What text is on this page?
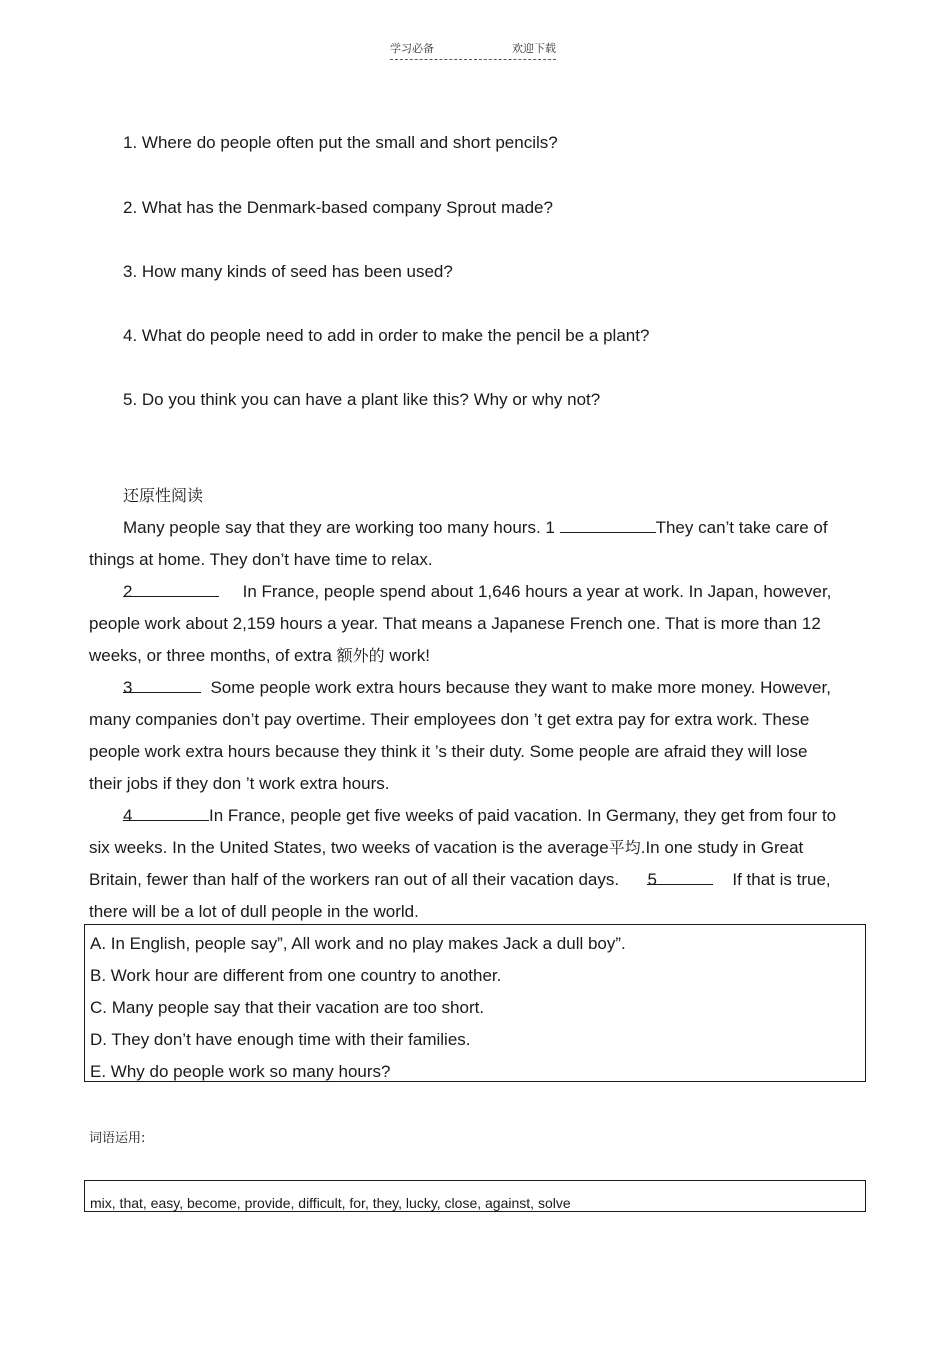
学习必备	欢迎下载
1. Where do people often put the small and short pencils?
2. What has the Denmark-based company Sprout made?
3. How many kinds of seed has been used?
4. What do people need to add in order to make the pencil be a plant?
5. Do you think you can have a plant like this? Why or why not?
还原性阅读
Many people say that they are working too many hours. 1	They can’t take care of
things at home. They don’t have time to relax.
2	In France, people spend about 1,646 hours a year at work. In Japan, however,
people work about 2,159 hours a year. That means a Japanese French one. That is more than 12
weeks, or three months, of extra 额外的 work!
3	Some people work extra hours because they want to make more money. However,
many companies don’t pay overtime. Their employees don ’t get extra pay for extra work. These
people work extra hours because they think it ’s their duty. Some people are afraid they will lose
their jobs if they don ’t work extra hours.
4	In France, people get five weeks of paid vacation. In Germany, they get from four to
six weeks. In the United States, two weeks of vacation is the average平均.In one study in Great
Britain, fewer than half of the workers ran out of all their vacation days. 5	If that is true,
there will be a lot of dull people in the world.
A. In English, people say”, All work and no play makes Jack a dull boy”.
B. Work hour are different from one country to another.
C. Many people say that their vacation are too short.
D. They don’t have enough time with their families.
E. Why do people work so many hours?
词语运用:
mix, that, easy, become, provide, difficult, for, they, lucky, close, against, solve
